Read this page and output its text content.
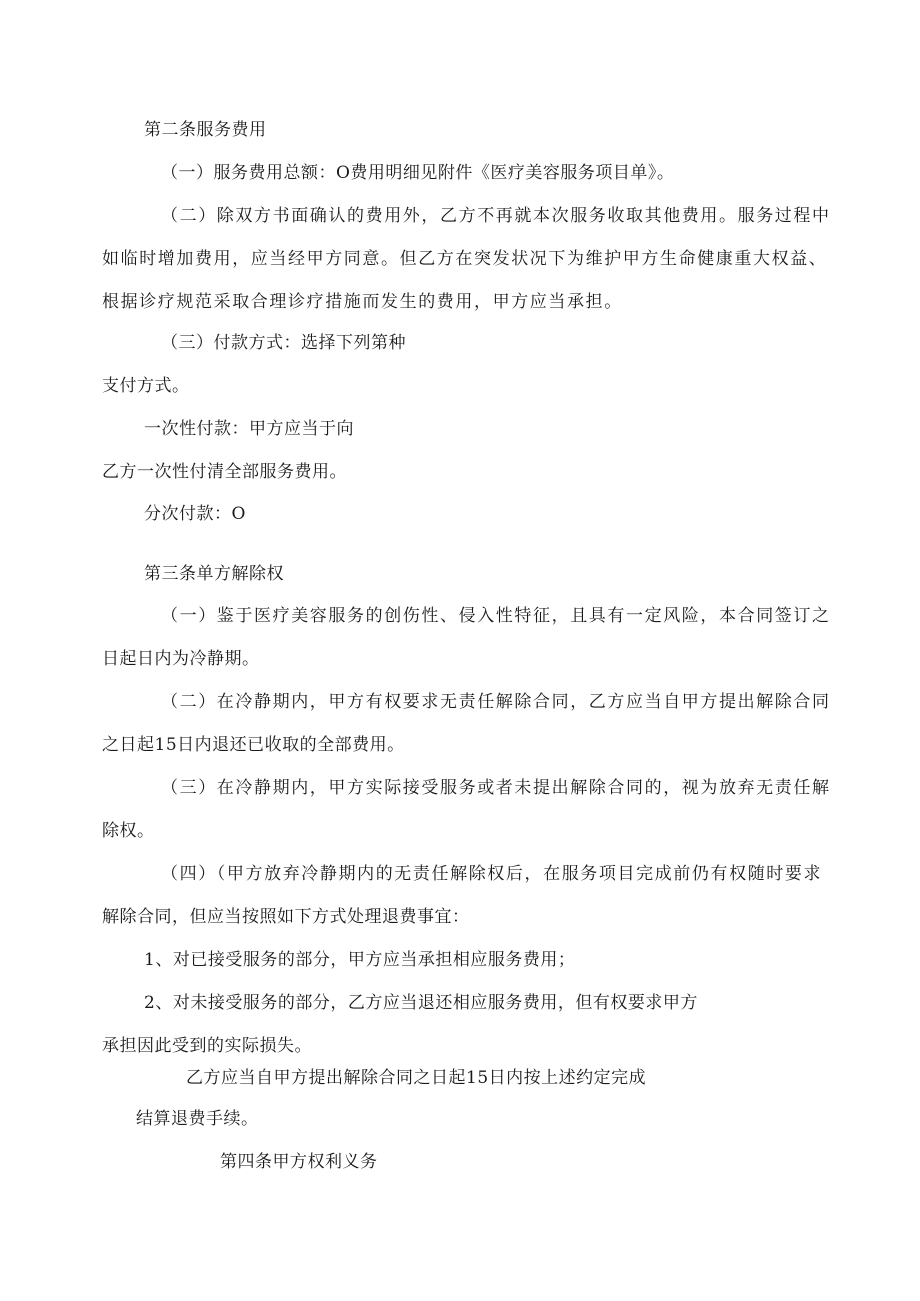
第二条服务费用
（一）服务费用总额：O费用明细见附件《医疗美容服务项目单》。
（二）除双方书面确认的费用外，乙方不再就本次服务收取其他费用。服务过程中
如临时增加费用，应当经甲方同意。但乙方在突发状况下为维护甲方生命健康重大权益、
根据诊疗规范采取合理诊疗措施而发生的费用，甲方应当承担。
（三）付款方式：选择下列第种
支付方式。
一次性付款：甲方应当于向
乙方一次性付清全部服务费用。
分次付款：O
第三条单方解除权
（一）鉴于医疗美容服务的创伤性、侵入性特征，且具有一定风险，本合同签订之
日起日内为冷静期。
（二）在冷静期内，甲方有权要求无责任解除合同，乙方应当自甲方提出解除合同
之日起15日内退还已收取的全部费用。
（三）在冷静期内，甲方实际接受服务或者未提出解除合同的，视为放弃无责任解
除权。
（四）（甲方放弃冷静期内的无责任解除权后，在服务项目完成前仍有权随时要求
解除合同，但应当按照如下方式处理退费事宜：
1、对已接受服务的部分，甲方应当承担相应服务费用；
2、对未接受服务的部分，乙方应当退还相应服务费用，但有权要求甲方
承担因此受到的实际损失。
乙方应当自甲方提出解除合同之日起15日内按上述约定完成
结算退费手续。
第四条甲方权利义务
